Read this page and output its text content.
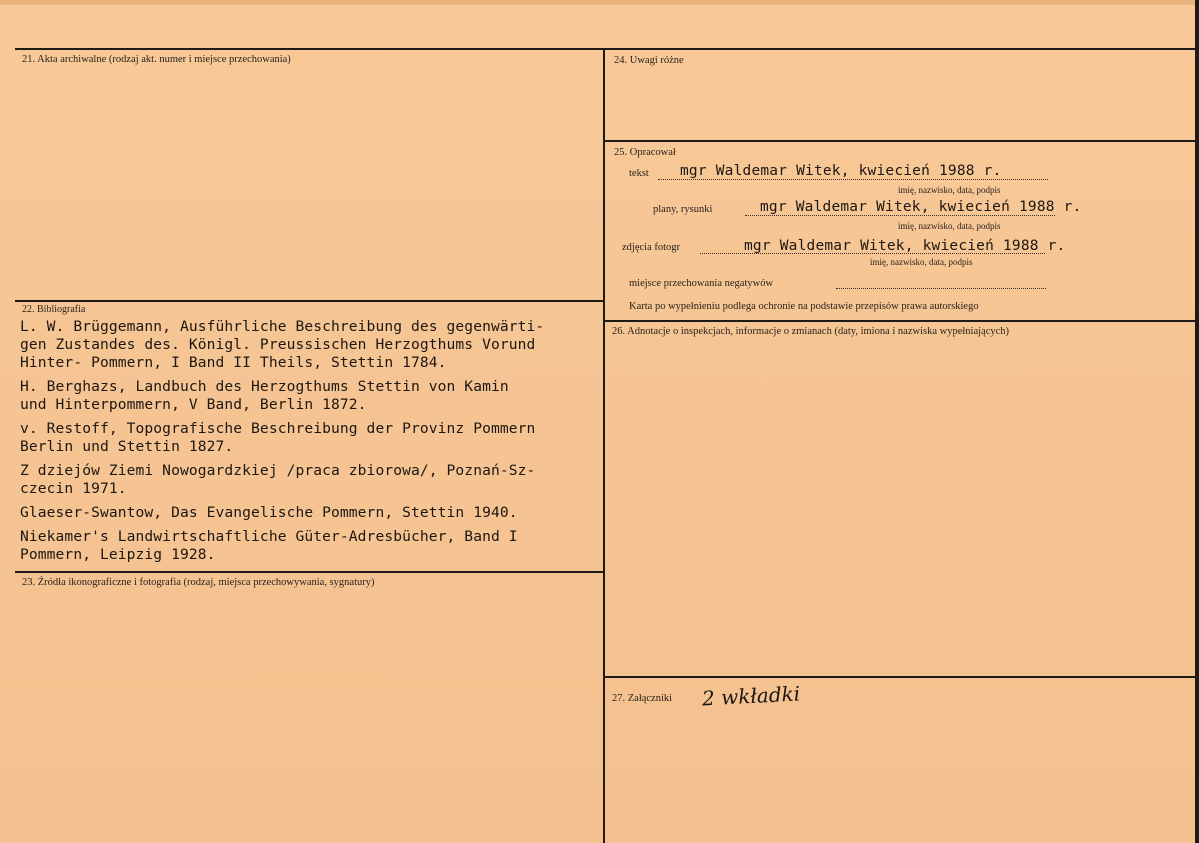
21. Akta archiwalne (rodzaj akt. numer i miejsce przechowania)
22. Bibliografia
L. W. Brüggemann, Ausführliche Beschreibung des gegenwärti-
gen Zustandes des. Königl. Preussischen Herzogthums Vorund
Hinter- Pommern, I Band II Theils, Stettin 1784.
H. Berghazs, Landbuch des Herzogthums Stettin von Kamin
und Hinterpommern, V Band, Berlin 1872.
v. Restoff, Topografische Beschreibung der Provinz Pommern
Berlin und Stettin 1827.
Z dziejów Ziemi Nowogardzkiej /praca zbiorowa/, Poznań-Sz-
czecin 1971.
Glaeser-Swantow, Das Evangelische Pommern, Stettin 1940.
Niekamer's Landwirtschaftliche Güter-Adresbücher, Band I
Pommern, Leipzig 1928.
23. Źródła ikonograficzne i fotografia (rodzaj, miejsca przechowywania, sygnatury)
24. Uwagi różne
25. Opracował
tekst mgr Waldemar Witek, kwiecień 1988 r.
imię, nazwisko, data, podpis
plany, rysunki	mgr Waldemar Witek, kwiecień 1988 r.
imię, nazwisko, data, podpis
zdjęcia fotogr	mgr Waldemar Witek, kwiecień 1988 r.
imię, nazwisko, data, podpis
miejsce przechowania negatywów
Karta po wypełnieniu podlega ochronie na podstawie przepisów prawa autorskiego
26. Adnotacje o inspekcjach, informacje o zmianach (daty, imiona i nazwiska wypełniających)
27. Załączniki 2 wkładki
